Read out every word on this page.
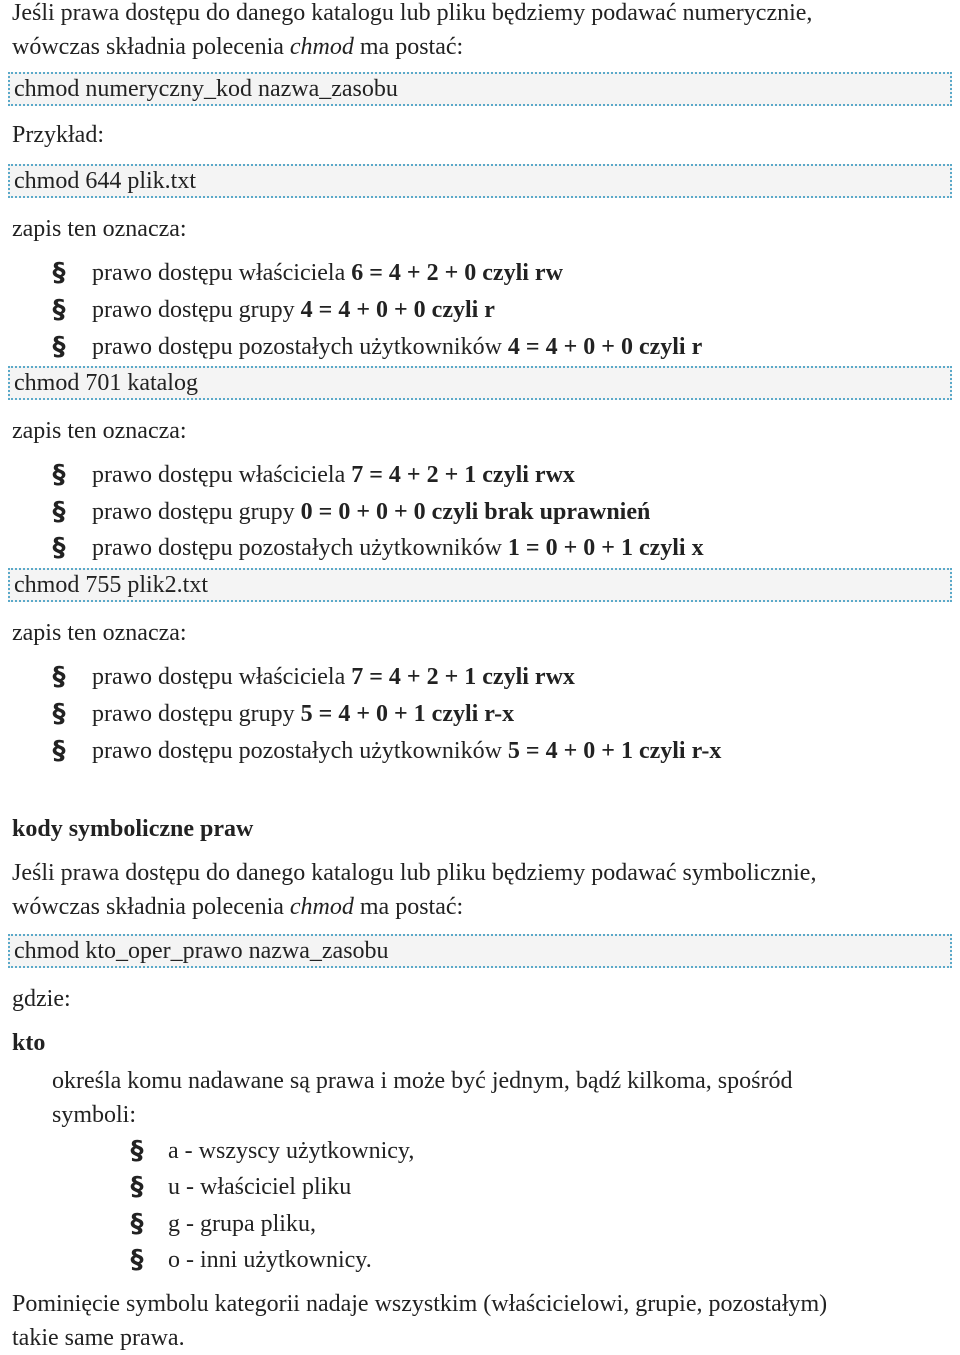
Jeśli prawa dostępu do danego katalogu lub pliku będziemy podawać numerycznie,
wówczas składnia polecenia chmod ma postać:
chmod numeryczny_kod nazwa_zasobu
Przykład:
chmod 644 plik.txt
zapis ten oznacza:
§ prawo dostępu właściciela 6 = 4 + 2 + 0 czyli rw
§ prawo dostępu grupy 4 = 4 + 0 + 0 czyli r
§ prawo dostępu pozostałych użytkowników 4 = 4 + 0 + 0 czyli r
chmod 701 katalog
zapis ten oznacza:
§ prawo dostępu właściciela 7 = 4 + 2 + 1 czyli rwx
§ prawo dostępu grupy 0 = 0 + 0 + 0 czyli brak uprawnień
§ prawo dostępu pozostałych użytkowników 1 = 0 + 0 + 1 czyli x
chmod 755 plik2.txt
zapis ten oznacza:
§ prawo dostępu właściciela 7 = 4 + 2 + 1 czyli rwx
§ prawo dostępu grupy 5 = 4 + 0 + 1 czyli r-x
§ prawo dostępu pozostałych użytkowników 5 = 4 + 0 + 1 czyli r-x
kody symboliczne praw
Jeśli prawa dostępu do danego katalogu lub pliku będziemy podawać symbolicznie,
wówczas składnia polecenia chmod ma postać:
chmod kto_oper_prawo nazwa_zasobu
gdzie:
kto
określa komu nadawane są prawa i może być jednym, bądź kilkoma, spośród
symboli:
§ a - wszyscy użytkownicy,
§ u - właściciel pliku
§ g - grupa pliku,
§ o - inni użytkownicy.
Pominięcie symbolu kategorii nadaje wszystkim (właścicielowi, grupie, pozostałym)
takie same prawa.
